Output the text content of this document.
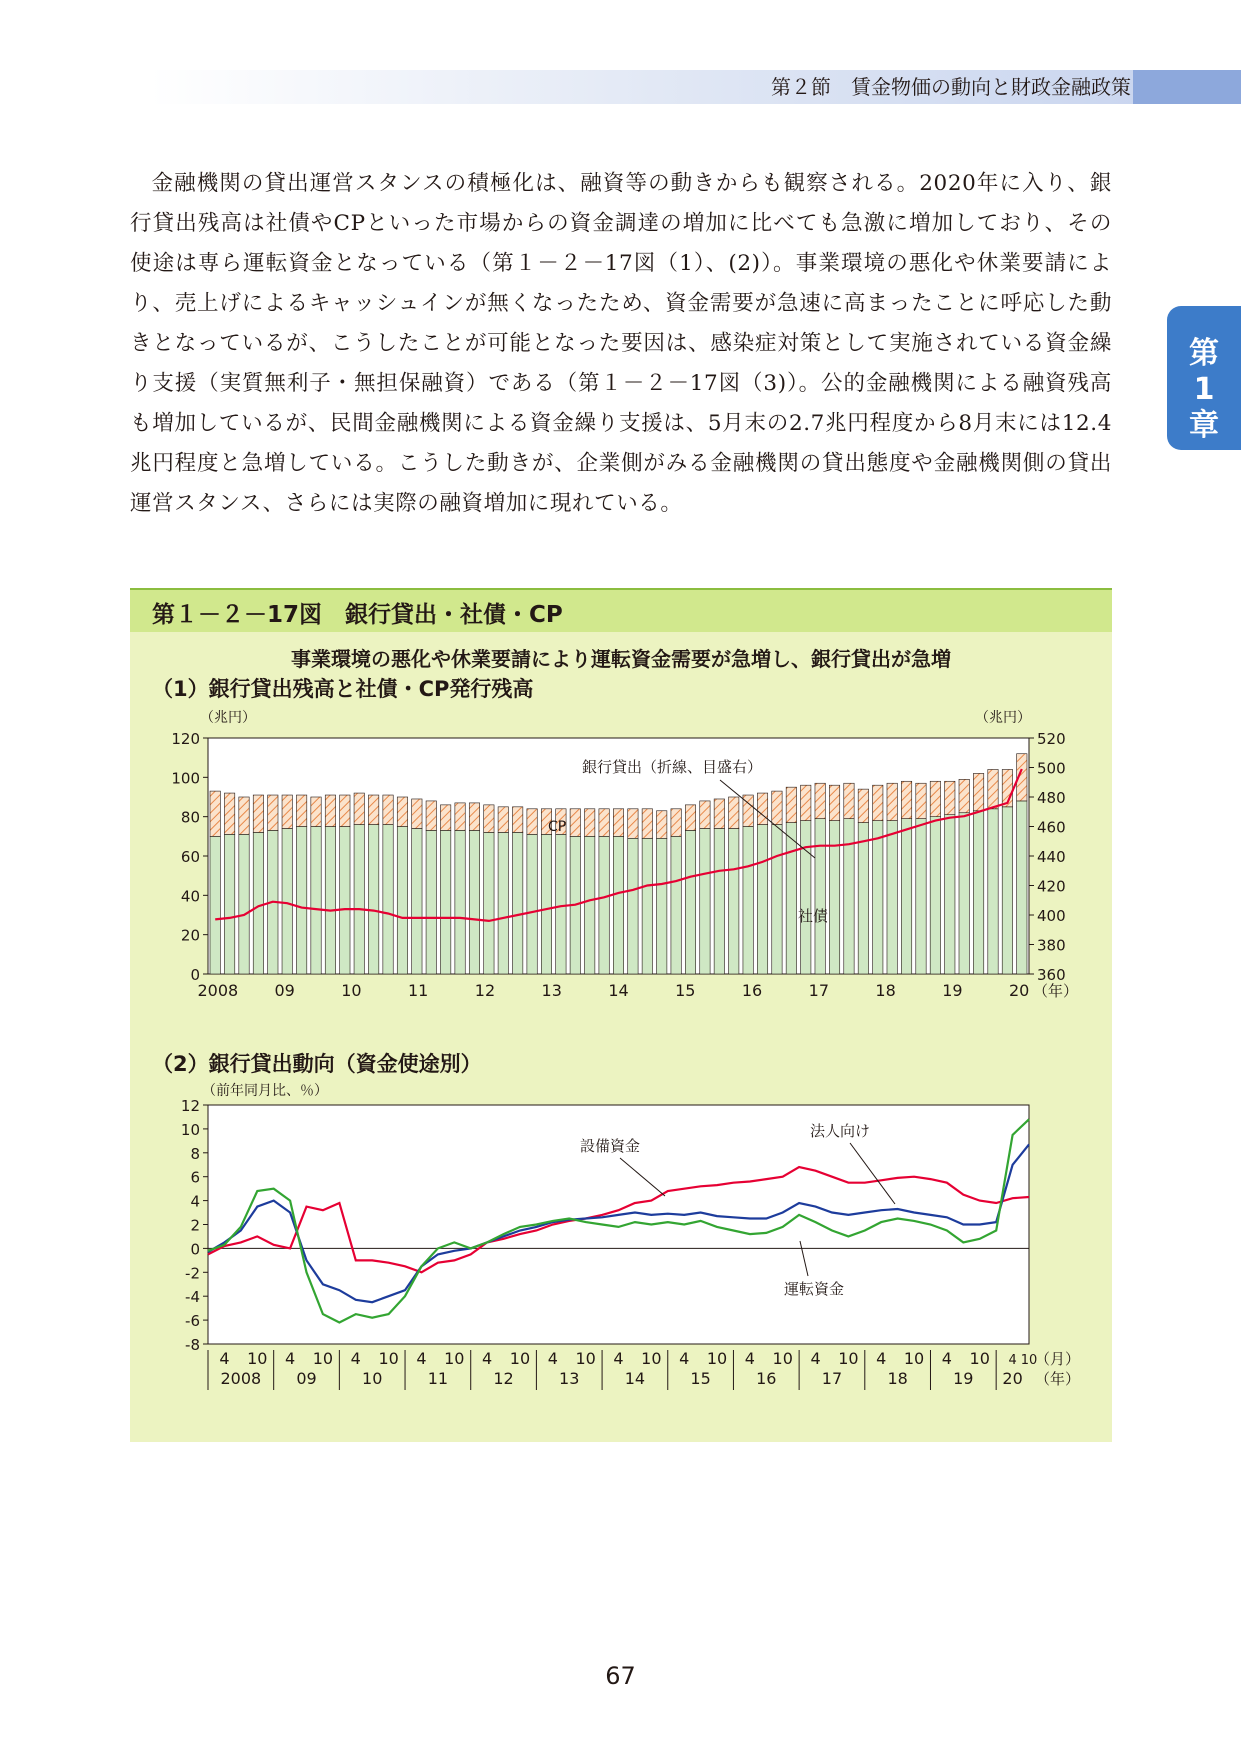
第２節　賃金物価の動向と財政金融政策
第
1
章

金融機関の貸出運営スタンスの積極化は、融資等の動きからも観察される。2020年に入り、銀行貸出残高は社債やCPといった市場からの資金調達の増加に比べても急激に増加しており、その使途は専ら運転資金となっている（第１－２－17図（1）、(2)）。事業環境の悪化や休業要請により、売上げによるキャッシュインが無くなったため、資金需要が急速に高まったことに呼応した動きとなっているが、こうしたことが可能となった要因は、感染症対策として実施されている資金繰り支援（実質無利子・無担保融資）である（第１－２－17図（3)）。公的金融機関による融資残高も増加しているが、民間金融機関による資金繰り支援は、5月末の2.7兆円程度から8月末には12.4兆円程度と急増している。こうした動きが、企業側がみる金融機関の貸出態度や金融機関側の貸出運営スタンス、さらには実際の融資増加に現れている。

第１－２－17図　銀行貸出・社債・CP
事業環境の悪化や休業要請により運転資金需要が急増し、銀行貸出が急増
（1）銀行貸出残高と社債・CP発行残高
（2）銀行貸出動向（資金使途別）
0
20
40
60
80
100
120
360
380
400
420
440
460
480
500
520
（兆円）	（兆円）
2008 09	10	11	12	13	14	15	16	17	18	19	20 （年）
銀行貸出（折線、目盛右）
CP
社債
-8
-6
-4
-2
0
2
4
6
8
10
12
（前年同月比、％）
4 10 4 10 4 10 4 10 4 10 4 10 4 10 4 10 4 10 4 10 4 10 4 10 4 10
2008 09	10	11	12	13	14	15	16	17	18	19 20
（月）
（年）
設備資金
法人向け
運転資金
67
